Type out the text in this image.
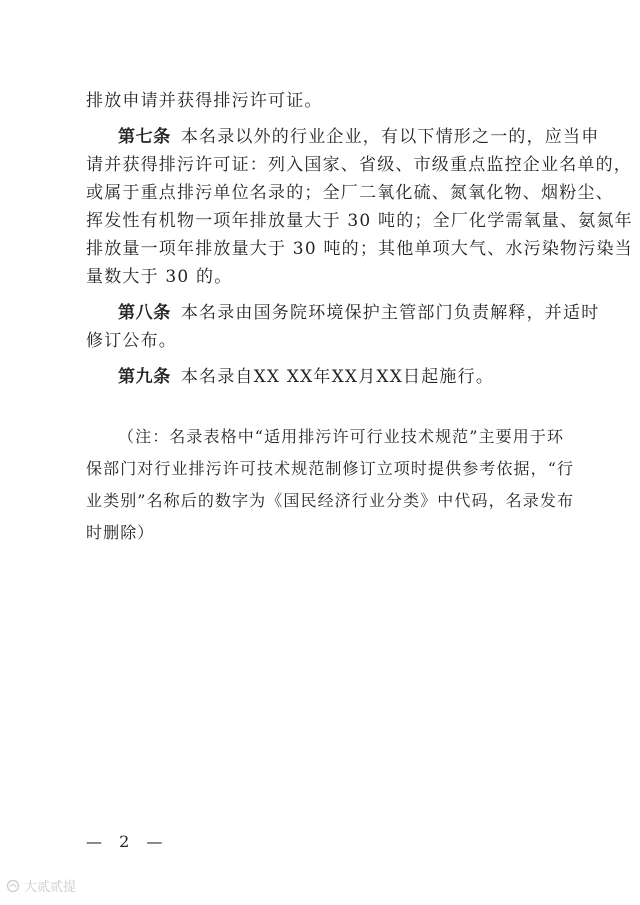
排放申请并获得排污许可证。
第七条 本名录以外的行业企业，有以下情形之一的，应当申
请并获得排污许可证：列入国家、省级、市级重点监控企业名单的，
或属于重点排污单位名录的；全厂二氧化硫、氮氧化物、烟粉尘、
挥发性有机物一项年排放量大于 30 吨的；全厂化学需氧量、氨氮年
排放量一项年排放量大于 30 吨的；其他单项大气、水污染物污染当
量数大于 30 的。
第八条 本名录由国务院环境保护主管部门负责解释，并适时
修订公布。
第九条 本名录自XX XX年XX月XX日起施行。
（注：名录表格中“适用排污许可行业技术规范”主要用于环
保部门对行业排污许可技术规范制修订立项时提供参考依据，“行
业类别”名称后的数字为《国民经济行业分类》中代码，名录发布
时删除）
— 2 —
大贰贰提
